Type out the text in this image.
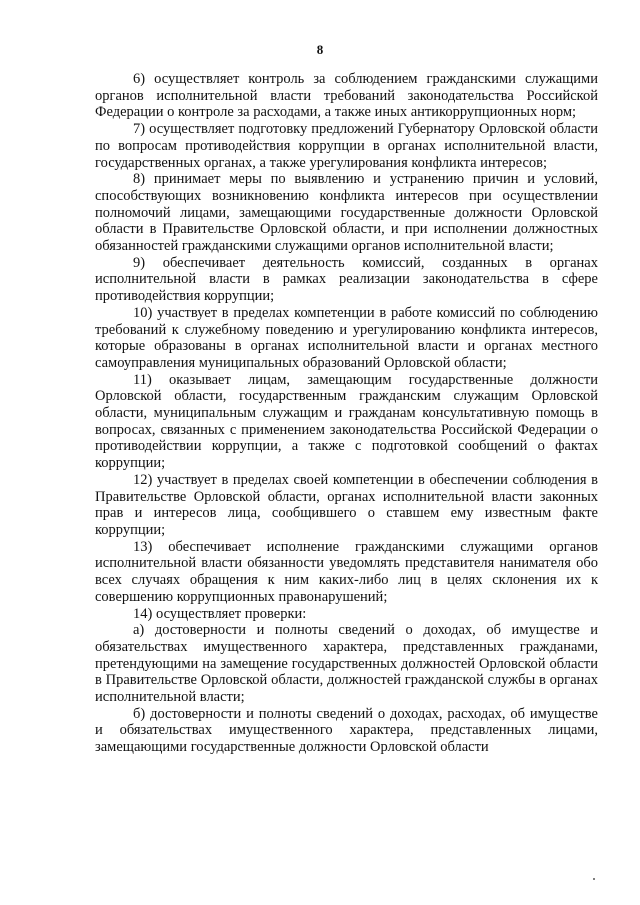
8

6) осуществляет контроль за соблюдением гражданскими служащими органов исполнительной власти требований законодательства Российской Федерации о контроле за расходами, а также иных антикоррупционных норм;

7) осуществляет подготовку предложений Губернатору Орловской области по вопросам противодействия коррупции в органах исполнительной власти, государственных органах, а также урегулирования конфликта интересов;

8) принимает меры по выявлению и устранению причин и условий, способствующих возникновению конфликта интересов при осуществлении полномочий лицами, замещающими государственные должности Орловской области в Правительстве Орловской области, и при исполнении должностных обязанностей гражданскими служащими органов исполнительной власти;

9) обеспечивает деятельность комиссий, созданных в органах исполнительной власти в рамках реализации законодательства в сфере противодействия коррупции;

10) участвует в пределах компетенции в работе комиссий по соблюдению требований к служебному поведению и урегулированию конфликта интересов, которые образованы в органах исполнительной власти и органах местного самоуправления муниципальных образований Орловской области;

11) оказывает лицам, замещающим государственные должности Орловской области, государственным гражданским служащим Орловской области, муниципальным служащим и гражданам консультативную помощь в вопросах, связанных с применением законодательства Российской Федерации о противодействии коррупции, а также с подготовкой сообщений о фактах коррупции;

12) участвует в пределах своей компетенции в обеспечении соблюдения в Правительстве Орловской области, органах исполнительной власти законных прав и интересов лица, сообщившего о ставшем ему известным факте коррупции;

13) обеспечивает исполнение гражданскими служащими органов исполнительной власти обязанности уведомлять представителя нанимателя обо всех случаях обращения к ним каких-либо лиц в целях склонения их к совершению коррупционных правонарушений;

14) осуществляет проверки:

а) достоверности и полноты сведений о доходах, об имуществе и обязательствах имущественного характера, представленных гражданами, претендующими на замещение государственных должностей Орловской области в Правительстве Орловской области, должностей гражданской службы в органах исполнительной власти;

б) достоверности и полноты сведений о доходах, расходах, об имуществе и обязательствах имущественного характера, представленных лицами, замещающими государственные должности Орловской области
